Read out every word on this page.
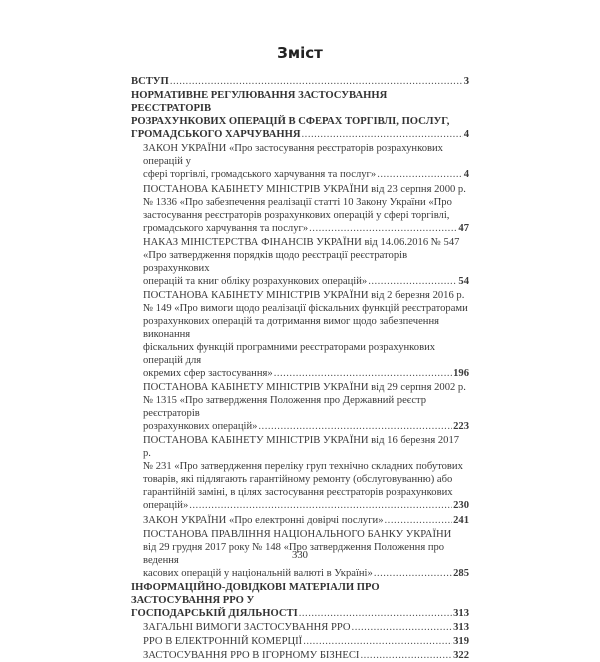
Зміст
ВСТУП .....	3
НОРМАТИВНЕ РЕГУЛЮВАННЯ ЗАСТОСУВАННЯ РЕЄСТРАТОРІВ
РОЗРАХУНКОВИХ ОПЕРАЦІЙ В СФЕРАХ ТОРГІВЛІ, ПОСЛУГ,
ГРОМАДСЬКОГО ХАРЧУВАННЯ .....	4
ЗАКОН УКРАЇНИ «Про застосування реєстраторів розрахункових операцій у
сфері торгівлі, громадського харчування та послуг» .....	4
ПОСТАНОВА КАБІНЕТУ МІНІСТРІВ УКРАЇНИ від 23 серпня 2000 р.
№ 1336 «Про забезпечення реалізації статті 10 Закону України «Про
застосування реєстраторів розрахункових операцій у сфері торгівлі,
громадського харчування та послуг» .....	47
НАКАЗ МІНІСТЕРСТВА ФІНАНСІВ УКРАЇНИ від 14.06.2016 № 547
«Про затвердження порядків щодо реєстрації реєстраторів розрахункових
операцій та книг обліку розрахункових операцій» .....	54
ПОСТАНОВА КАБІНЕТУ МІНІСТРІВ УКРАЇНИ від 2 березня 2016 р.
№ 149 «Про вимоги щодо реалізації фіскальних функцій реєстраторами
розрахункових операцій та дотримання вимог щодо забезпечення виконання
фіскальних функцій програмними реєстраторами розрахункових операцій для
окремих сфер застосування» .....	196
ПОСТАНОВА КАБІНЕТУ МІНІСТРІВ УКРАЇНИ від 29 серпня 2002 р.
№ 1315 «Про затвердження Положення про Державний реєстр реєстраторів
розрахункових операцій» .....	223
ПОСТАНОВА КАБІНЕТУ МІНІСТРІВ УКРАЇНИ від 16 березня 2017 р.
№ 231 «Про затвердження переліку груп технічно складних побутових
товарів, які підлягають гарантійному ремонту (обслуговуванню) або
гарантійній заміні, в цілях застосування реєстраторів розрахункових
операцій» .....	230
ЗАКОН УКРАЇНИ «Про електронні довірчі послуги» .....	241
ПОСТАНОВА ПРАВЛІННЯ НАЦІОНАЛЬНОГО БАНКУ УКРАЇНИ
від 29 грудня 2017 року № 148 «Про затвердження Положення про ведення
касових операцій у національній валюті в Україні» .....	285
ІНФОРМАЦІЙНО-ДОВІДКОВІ МАТЕРІАЛИ ПРО ЗАСТОСУВАННЯ РРО У
ГОСПОДАРСЬКІЙ ДІЯЛЬНОСТІ .....	313
ЗАГАЛЬНІ ВИМОГИ ЗАСТОСУВАННЯ РРО .....	313
РРО В ЕЛЕКТРОННІЙ КОМЕРЦІЇ .....	319
ЗАСТОСУВАННЯ РРО В ІГОРНОМУ БІЗНЕСІ .....	322
330
